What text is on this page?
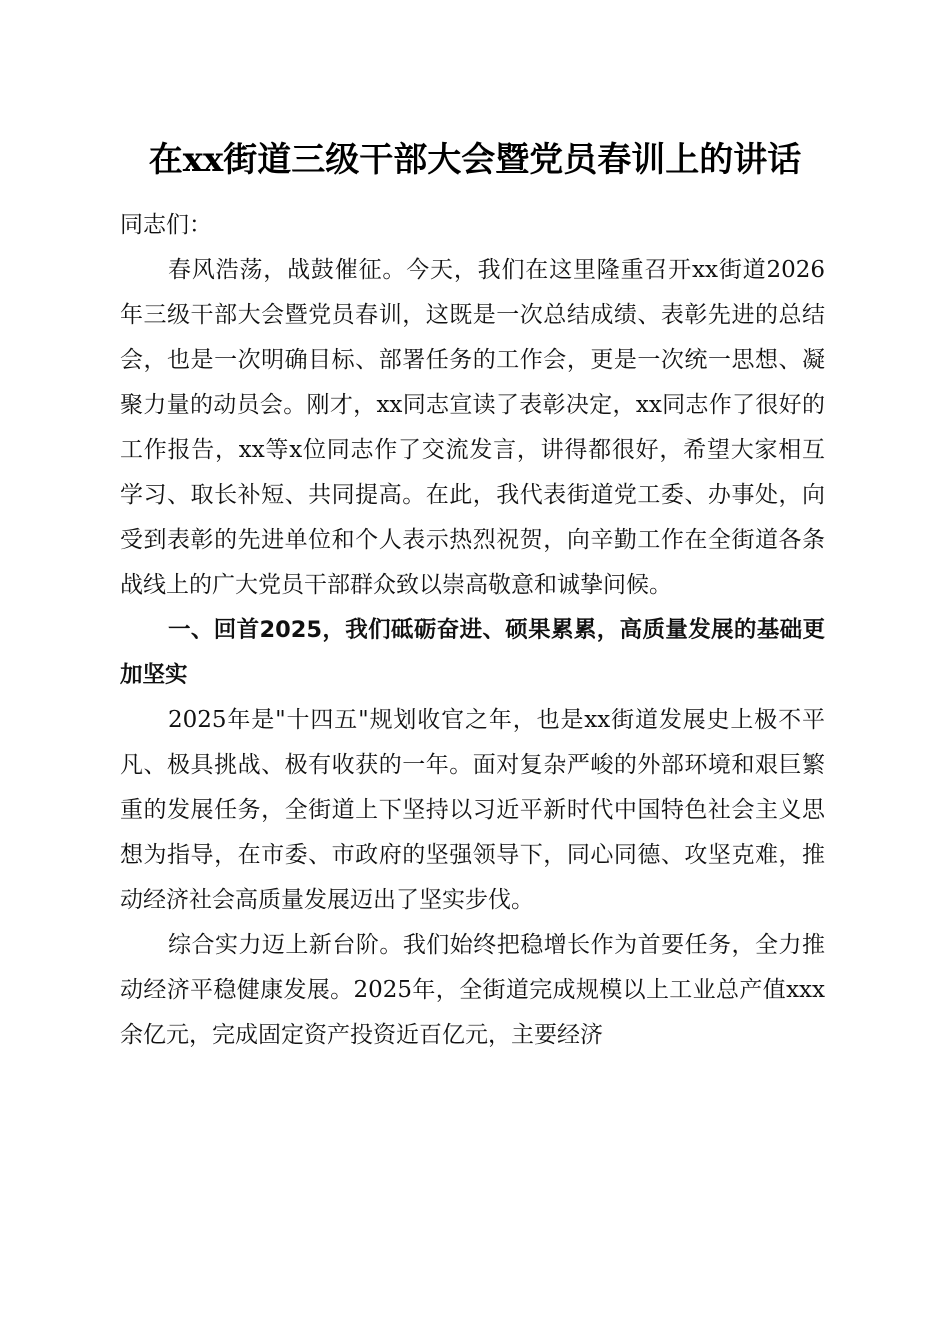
在xx街道三级干部大会暨党员春训上的讲话

同志们：

春风浩荡，战鼓催征。今天，我们在这里隆重召开xx街道2026年三级干部大会暨党员春训，这既是一次总结成绩、表彰先进的总结会，也是一次明确目标、部署任务的工作会，更是一次统一思想、凝聚力量的动员会。刚才，xx同志宣读了表彰决定，xx同志作了很好的工作报告，xx等x位同志作了交流发言，讲得都很好，希望大家相互学习、取长补短、共同提高。在此，我代表街道党工委、办事处，向受到表彰的先进单位和个人表示热烈祝贺，向辛勤工作在全街道各条战线上的广大党员干部群众致以崇高敬意和诚挚问候。

一、回首2025，我们砥砺奋进、硕果累累，高质量发展的基础更加坚实

2025年是"十四五"规划收官之年，也是xx街道发展史上极不平凡、极具挑战、极有收获的一年。面对复杂严峻的外部环境和艰巨繁重的发展任务，全街道上下坚持以习近平新时代中国特色社会主义思想为指导，在市委、市政府的坚强领导下，同心同德、攻坚克难，推动经济社会高质量发展迈出了坚实步伐。

综合实力迈上新台阶。我们始终把稳增长作为首要任务，全力推动经济平稳健康发展。2025年，全街道完成规模以上工业总产值xxx余亿元，完成固定资产投资近百亿元，主要经济
